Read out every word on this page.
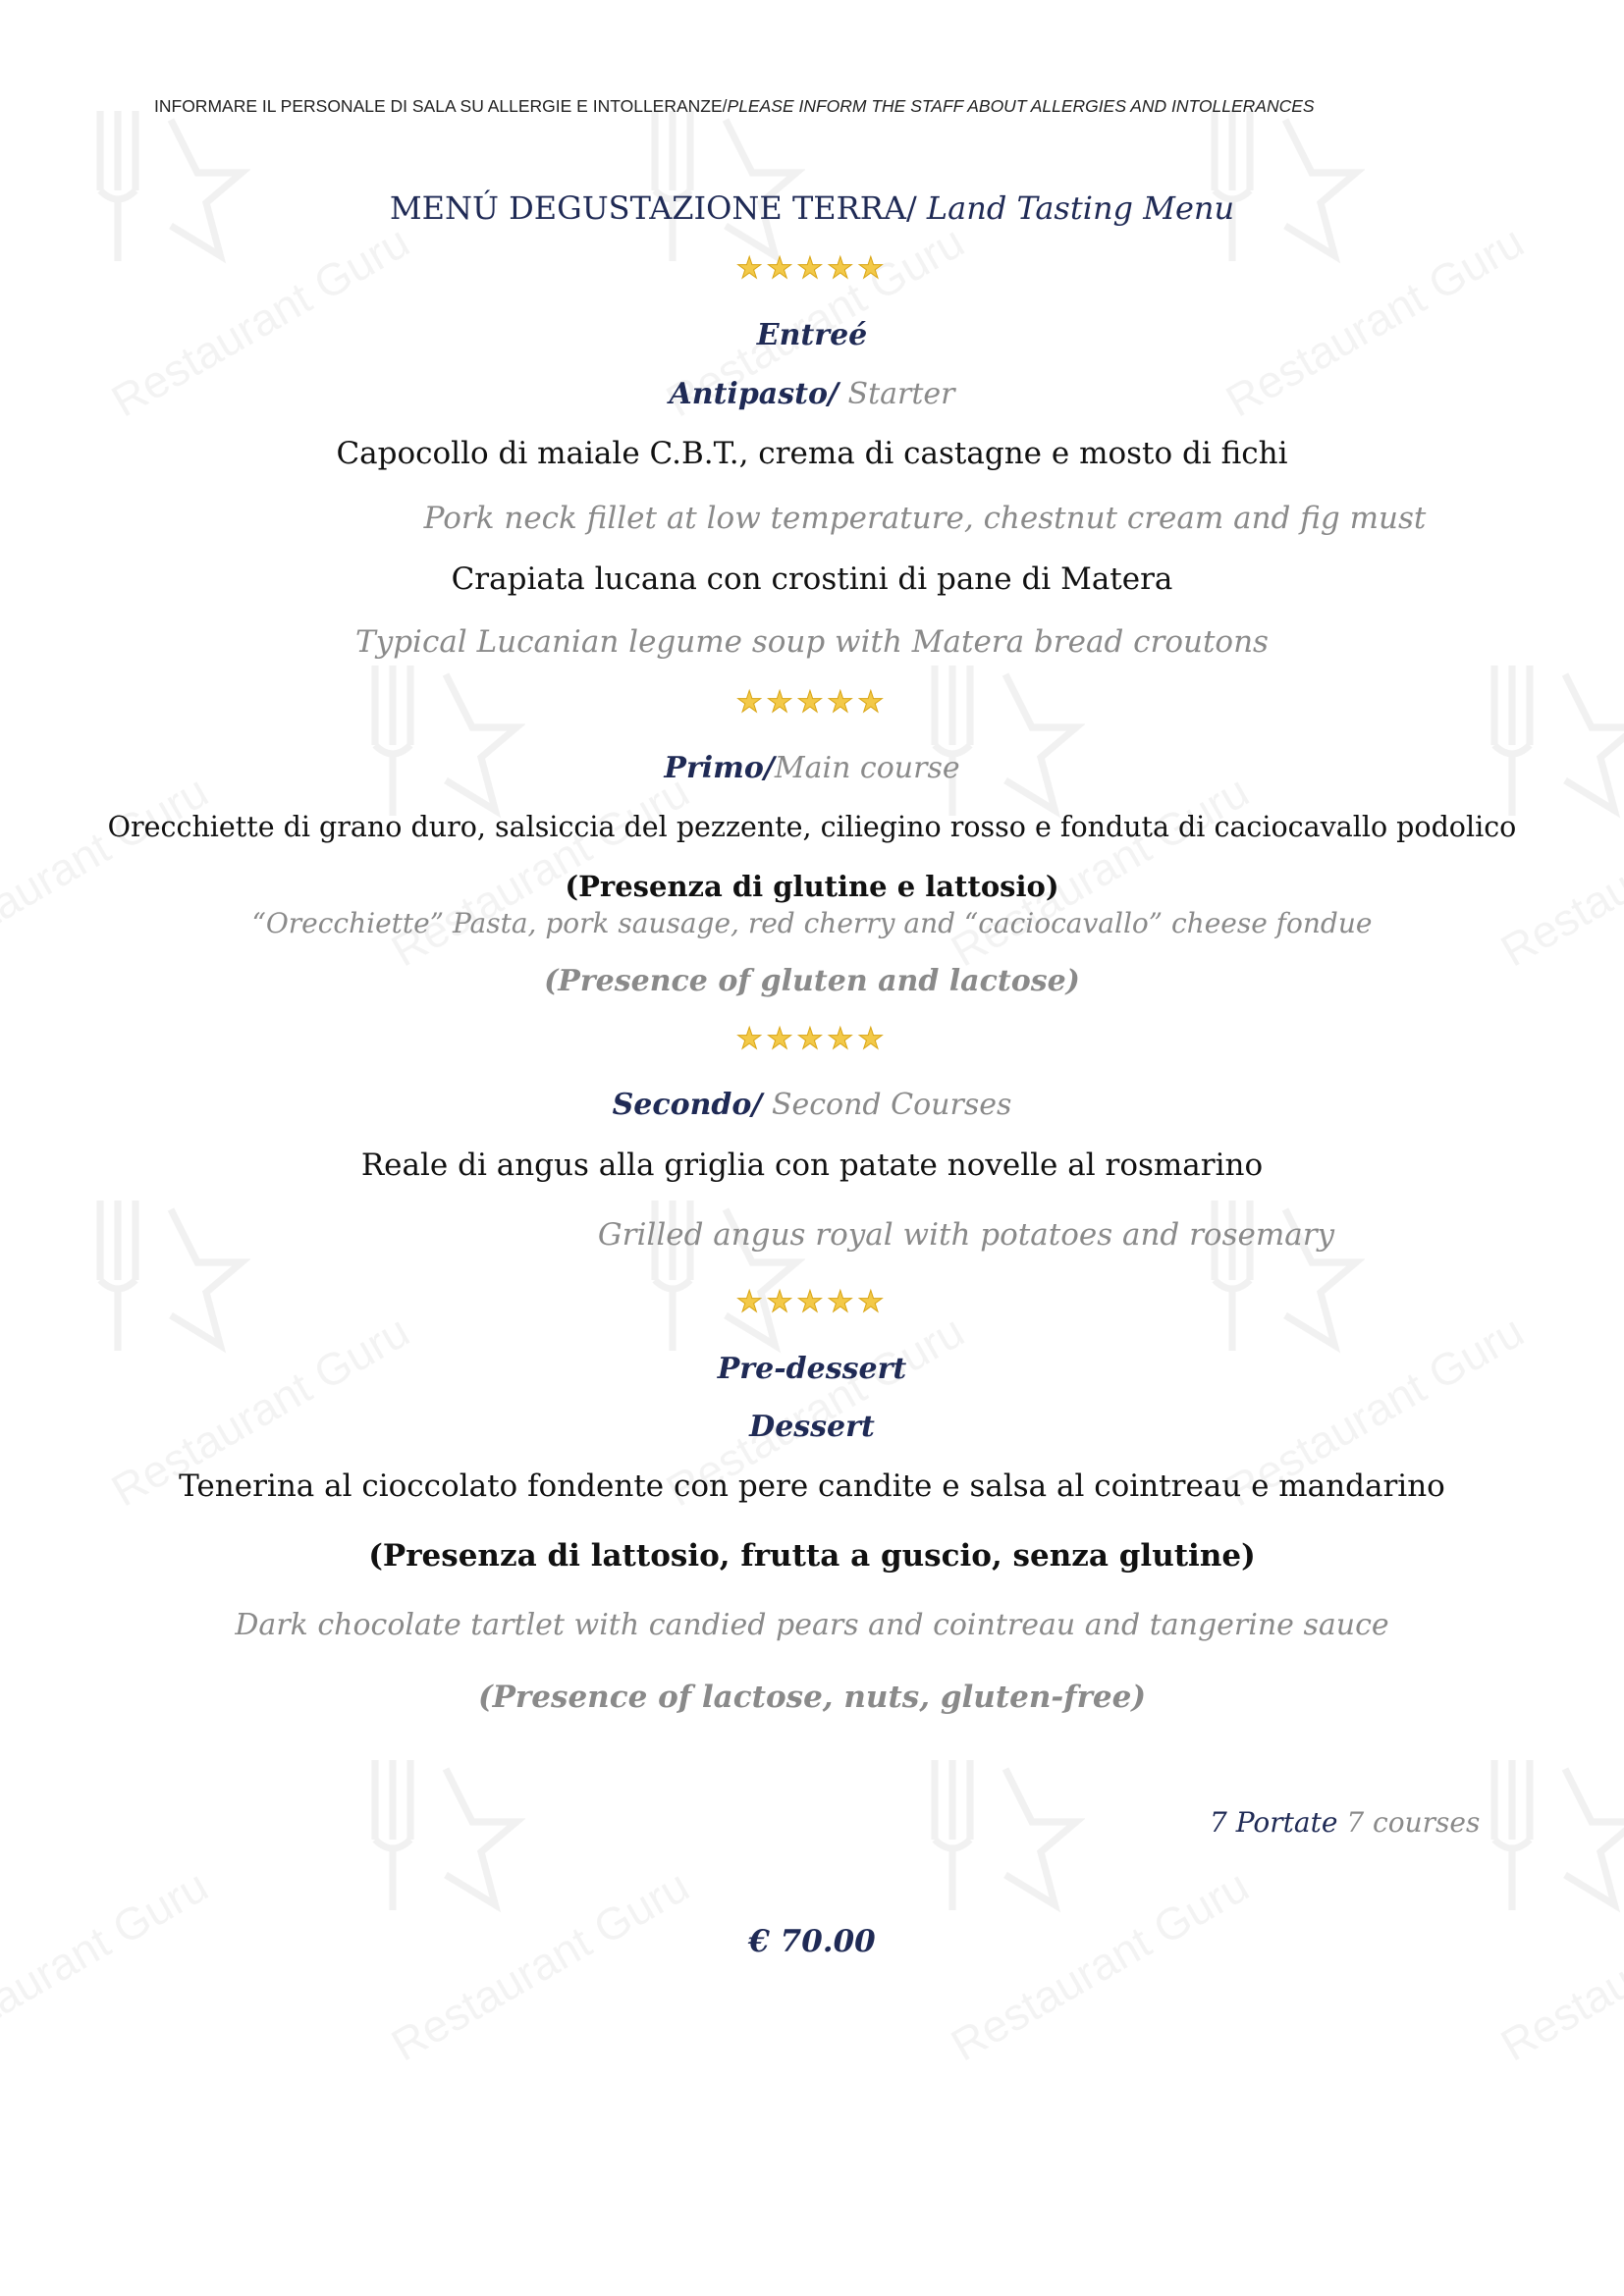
INFORMARE IL PERSONALE DI SALA SU ALLERGIE E INTOLLERANZE/PLEASE INFORM THE STAFF ABOUT ALLERGIES AND INTOLLERANCES
MENÚ DEGUSTAZIONE TERRA/ Land Tasting Menu
★★★★★
Entreé
Antipasto/ Starter
Capocollo di maiale C.B.T., crema di castagne e mosto di fichi
Pork neck fillet at low temperature, chestnut cream and fig must
Crapiata lucana con crostini di pane di Matera
Typical Lucanian legume soup with Matera bread croutons
★★★★★
Primo/Main course
Orecchiette di grano duro, salsiccia del pezzente, ciliegino rosso e fonduta di caciocavallo podolico
(Presenza di glutine e lattosio)
“Orecchiette” Pasta, pork sausage, red cherry and “caciocavallo” cheese fondue
(Presence of gluten and lactose)
★★★★★
Secondo/ Second Courses
Reale di angus alla griglia con patate novelle al rosmarino
Grilled angus royal with potatoes and rosemary
★★★★★
Pre-dessert
Dessert
Tenerina al cioccolato fondente con pere candite e salsa al cointreau e mandarino
(Presenza di lattosio, frutta a guscio, senza glutine)
Dark chocolate tartlet with candied pears and cointreau and tangerine sauce
(Presence of lactose, nuts, gluten-free)
7 Portate 7 courses
€ 70.00
